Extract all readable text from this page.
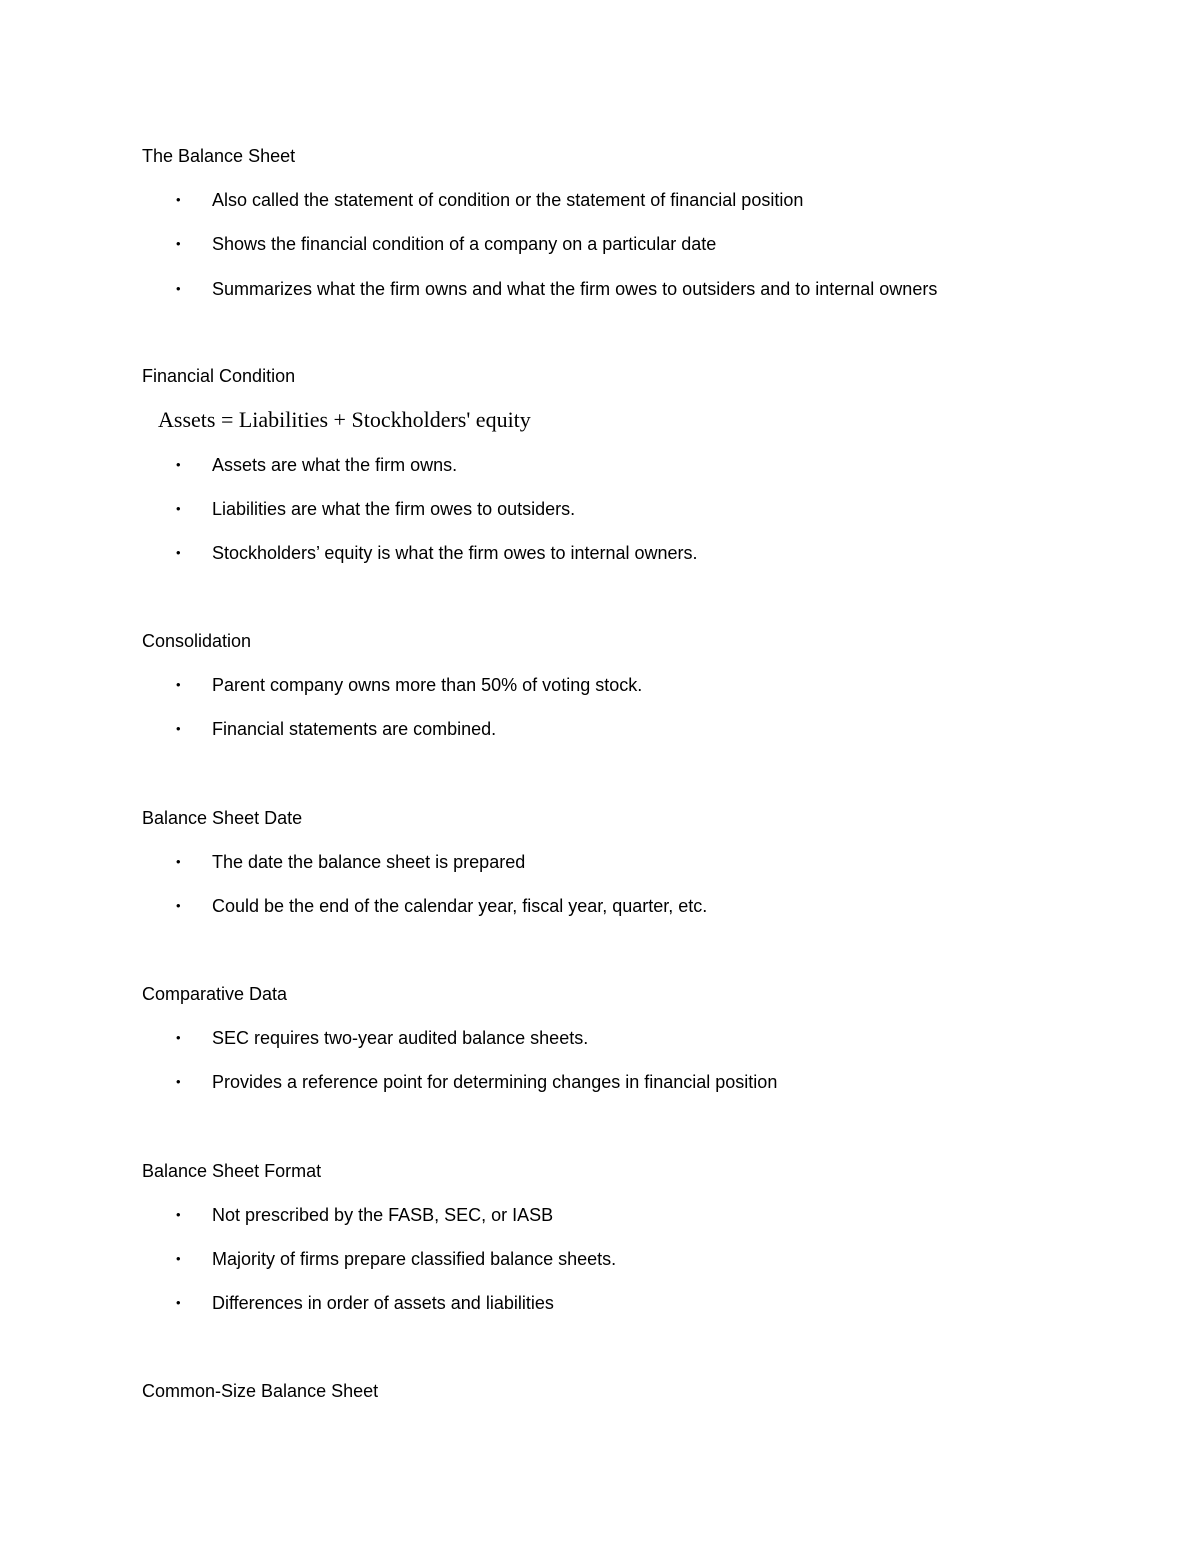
The Balance Sheet
• Also called the statement of condition or the statement of financial position
• Shows the financial condition of a company on a particular date
• Summarizes what the firm owns and what the firm owes to outsiders and to internal owners
Financial Condition
Assets = Liabilities + Stockholders' equity
• Assets are what the firm owns.
• Liabilities are what the firm owes to outsiders.
• Stockholders’ equity is what the firm owes to internal owners.
Consolidation
• Parent company owns more than 50% of voting stock.
• Financial statements are combined.
Balance Sheet Date
• The date the balance sheet is prepared
• Could be the end of the calendar year, fiscal year, quarter, etc.
Comparative Data
• SEC requires two-year audited balance sheets.
• Provides a reference point for determining changes in financial position
Balance Sheet Format
• Not prescribed by the FASB, SEC, or IASB
• Majority of firms prepare classified balance sheets.
• Differences in order of assets and liabilities
Common-Size Balance Sheet
